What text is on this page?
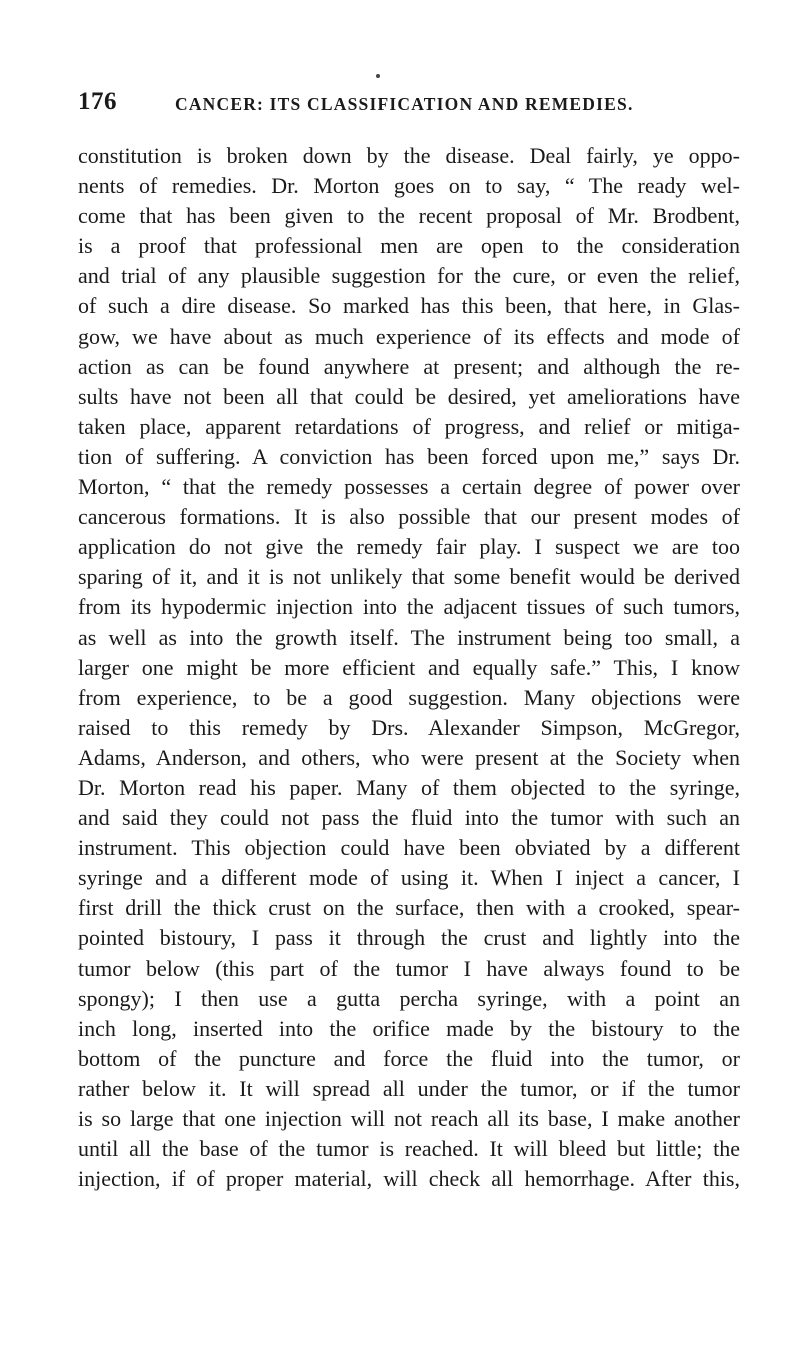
176	CANCER: ITS CLASSIFICATION AND REMEDIES.
constitution is broken down by the disease. Deal fairly, ye oppo-
nents of remedies. Dr. Morton goes on to say, “ The ready wel-
come that has been given to the recent proposal of Mr. Brodbent,
is a proof that professional men are open to the consideration
and trial of any plausible suggestion for the cure, or even the relief,
of such a dire disease. So marked has this been, that here, in Glas-
gow, we have about as much experience of its effects and mode of
action as can be found anywhere at present; and although the re-
sults have not been all that could be desired, yet ameliorations have
taken place, apparent retardations of progress, and relief or mitiga-
tion of suffering. A conviction has been forced upon me,” says Dr.
Morton, “ that the remedy possesses a certain degree of power over
cancerous formations. It is also possible that our present modes of
application do not give the remedy fair play. I suspect we are too
sparing of it, and it is not unlikely that some benefit would be derived
from its hypodermic injection into the adjacent tissues of such tumors,
as well as into the growth itself. The instrument being too small, a
larger one might be more efficient and equally safe.” This, I know
from experience, to be a good suggestion. Many objections were
raised to this remedy by Drs. Alexander Simpson, McGregor,
Adams, Anderson, and others, who were present at the Society when
Dr. Morton read his paper. Many of them objected to the syringe,
and said they could not pass the fluid into the tumor with such an
instrument. This objection could have been obviated by a different
syringe and a different mode of using it. When I inject a cancer, I
first drill the thick crust on the surface, then with a crooked, spear-
pointed bistoury, I pass it through the crust and lightly into the
tumor below (this part of the tumor I have always found to be
spongy); I then use a gutta percha syringe, with a point an
inch long, inserted into the orifice made by the bistoury to the
bottom of the puncture and force the fluid into the tumor, or
rather below it. It will spread all under the tumor, or if the tumor
is so large that one injection will not reach all its base, I make another
until all the base of the tumor is reached. It will bleed but little; the
injection, if of proper material, will check all hemorrhage. After this,
